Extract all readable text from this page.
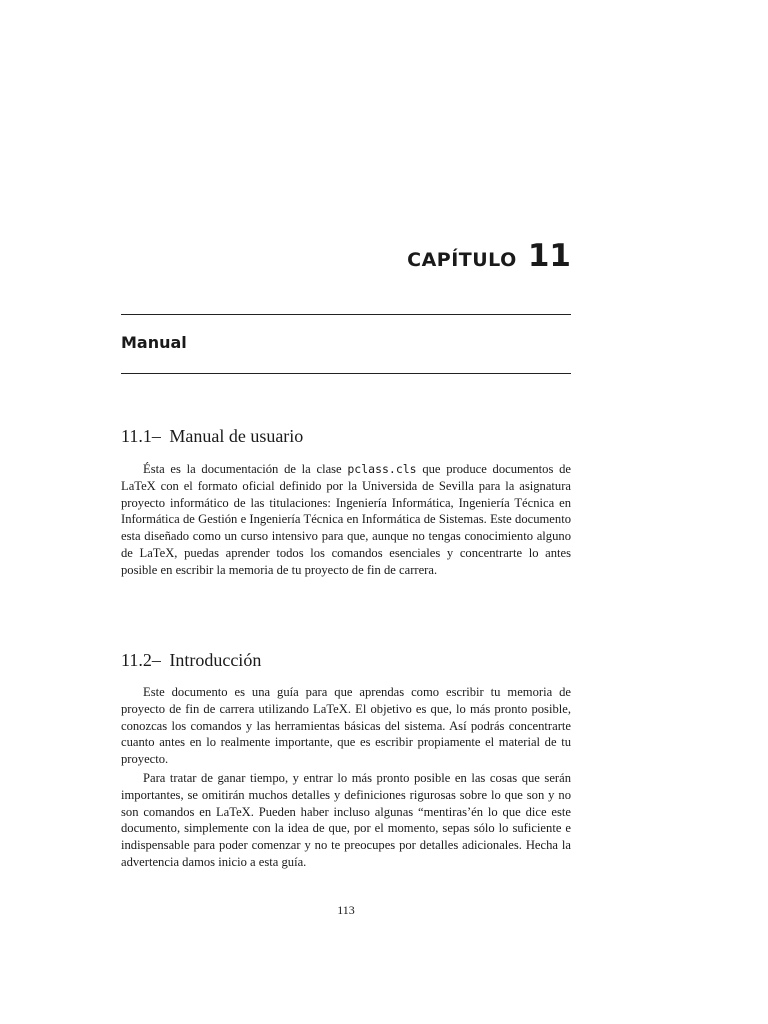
CAPÍTULO 11
Manual
11.1– Manual de usuario

Ésta es la documentación de la clase pclass.cls que produce documentos de LaTeX con el formato oficial definido por la Universida de Sevilla para la asignatura proyecto informático de las titulaciones: Ingeniería Informática, Ingeniería Técnica en Informática de Gestión e Ingeniería Técnica en Informática de Sistemas. Este documento esta diseñado como un curso intensivo para que, aunque no tengas conocimiento alguno de LaTeX, puedas aprender todos los comandos esenciales y concentrarte lo antes posible en escribir la memoria de tu proyecto de fin de carrera.

11.2– Introducción

Este documento es una guía para que aprendas como escribir tu memoria de proyecto de fin de carrera utilizando LaTeX. El objetivo es que, lo más pronto posible, conozcas los comandos y las herramientas básicas del sistema. Así podrás concentrarte cuanto antes en lo realmente importante, que es escribir propiamente el material de tu proyecto.

Para tratar de ganar tiempo, y entrar lo más pronto posible en las cosas que serán importantes, se omitirán muchos detalles y definiciones rigurosas sobre lo que son y no son comandos en LaTeX. Pueden haber incluso algunas “mentiras’én lo que dice este documento, simplemente con la idea de que, por el momento, sepas sólo lo suficiente e indispensable para poder comenzar y no te preocupes por detalles adicionales. Hecha la advertencia damos inicio a esta guía.

113
